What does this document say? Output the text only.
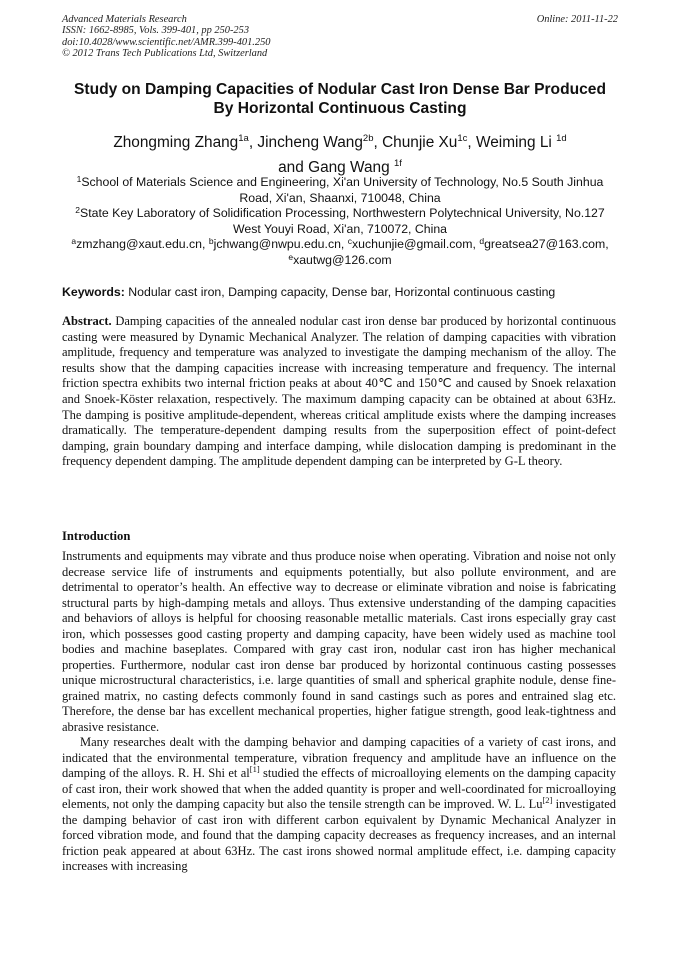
Advanced Materials Research
ISSN: 1662-8985, Vols. 399-401, pp 250-253
doi:10.4028/www.scientific.net/AMR.399-401.250
© 2012 Trans Tech Publications Ltd, Switzerland
Online: 2011-11-22
Study on Damping Capacities of Nodular Cast Iron Dense Bar Produced By Horizontal Continuous Casting
Zhongming Zhang$^{1a}$, Jincheng Wang$^{2b}$, Chunjie $Xu^{1c}$, Weiming Li $^{1d}$
and Gang Wang $^{1f}$
$^1$School of Materials Science and Engineering, Xi'an University of Technology, No.5 South Jinhua
Road, Xi'an, Shaanxi, 710048, China
$^2$State Key Laboratory of Solidification Processing, Northwestern Polytechnical University, No.127
West Youyi Road, Xi'an, 710072, China
$^a$zmzhang@xaut.edu.cn, $^b$jchwang@nwpu.edu.cn, $^c$xuchunjie@gmail.com, $^d$greatsea27@163.com,
$^e$xautwg@126.com
Keywords: Nodular cast iron, Damping capacity, Dense bar, Horizontal continuous casting
Abstract. Damping capacities of the annealed nodular cast iron dense bar produced by horizontal continuous casting were measured by Dynamic Mechanical Analyzer. The relation of damping capacities with vibration amplitude, frequency and temperature was analyzed to investigate the damping mechanism of the alloy. The results show that the damping capacities increase with increasing temperature and frequency. The internal friction spectra exhibits two internal friction peaks at about 40℃ and 150℃ and caused by Snoek relaxation and Snoek-Köster relaxation, respectively. The maximum damping capacity can be obtained at about 63Hz. The damping is positive amplitude-dependent, whereas critical amplitude exists where the damping increases dramatically. The temperature-dependent damping results from the superposition effect of point-defect damping, grain boundary damping and interface damping, while dislocation damping is predominant in the frequency dependent damping. The amplitude dependent damping can be interpreted by G-L theory.
Introduction

Instruments and equipments may vibrate and thus produce noise when operating. Vibration and noise not only decrease service life of instruments and equipments potentially, but also pollute environment, and are detrimental to operator’s health. An effective way to decrease or eliminate vibration and noise is fabricating structural parts by high-damping metals and alloys. Thus extensive understanding of the damping capacities and behaviors of alloys is helpful for choosing reasonable metallic materials. Cast irons especially gray cast iron, which possesses good casting property and damping capacity, have been widely used as machine tool bodies and machine baseplates. Compared with gray cast iron, nodular cast iron has higher mechanical properties. Furthermore, nodular cast iron dense bar produced by horizontal continuous casting possesses unique microstructural characteristics, i.e. large quantities of small and spherical graphite nodule, dense fine-grained matrix, no casting defects commonly found in sand castings such as pores and entrained slag etc. Therefore, the dense bar has excellent mechanical properties, higher fatigue strength, good leak-tightness and abrasive resistance.

Many researches dealt with the damping behavior and damping capacities of a variety of cast irons, and indicated that the environmental temperature, vibration frequency and amplitude have an influence on the damping of the alloys. R. H. Shi et al[1] studied the effects of microalloying elements on the damping capacity of cast iron, their work showed that when the added quantity is proper and well-coordinated for microalloying elements, not only the damping capacity but also the tensile strength can be improved. W. L. Lu[2] investigated the damping behavior of cast iron with different carbon equivalent by Dynamic Mechanical Analyzer in forced vibration mode, and found that the damping capacity decreases as frequency increases, and an internal friction peak appeared at about 63Hz. The cast irons showed normal amplitude effect, i.e. damping capacity increases with increasing
